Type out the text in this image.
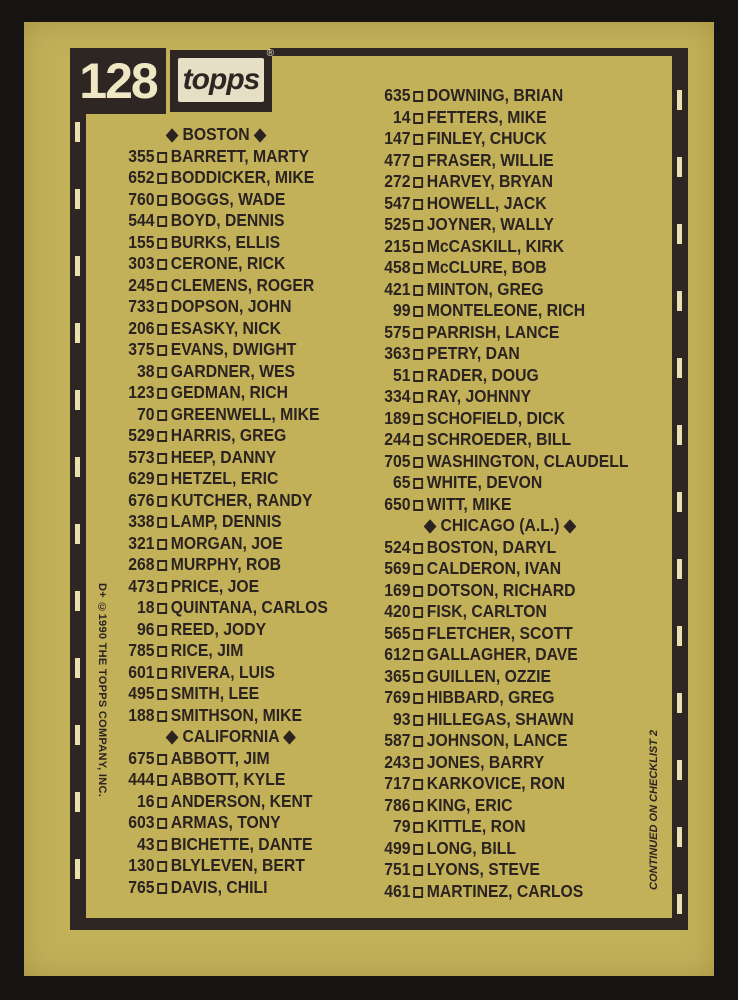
128 topps
®
◆ BOSTON ◆
355 BARRETT, MARTY
652 BODDICKER, MIKE
760 BOGGS, WADE
544 BOYD, DENNIS
155 BURKS, ELLIS
303 CERONE, RICK
245 CLEMENS, ROGER
733 DOPSON, JOHN
206 ESASKY, NICK
375 EVANS, DWIGHT
38 GARDNER, WES
123 GEDMAN, RICH
70 GREENWELL, MIKE
529 HARRIS, GREG
573 HEEP, DANNY
629 HETZEL, ERIC
676 KUTCHER, RANDY
338 LAMP, DENNIS
321 MORGAN, JOE
268 MURPHY, ROB
473 PRICE, JOE
18 QUINTANA, CARLOS
96 REED, JODY
785 RICE, JIM
601 RIVERA, LUIS
495 SMITH, LEE
188 SMITHSON, MIKE
◆ CALIFORNIA ◆
675 ABBOTT, JIM
444 ABBOTT, KYLE
16 ANDERSON, KENT
603 ARMAS, TONY
43 BICHETTE, DANTE
130 BLYLEVEN, BERT
765 DAVIS, CHILI
635 DOWNING, BRIAN
14 FETTERS, MIKE
147 FINLEY, CHUCK
477 FRASER, WILLIE
272 HARVEY, BRYAN
547 HOWELL, JACK
525 JOYNER, WALLY
215 McCASKILL, KIRK
458 McCLURE, BOB
421 MINTON, GREG
99 MONTELEONE, RICH
575 PARRISH, LANCE
363 PETRY, DAN
51 RADER, DOUG
334 RAY, JOHNNY
189 SCHOFIELD, DICK
244 SCHROEDER, BILL
705 WASHINGTON, CLAUDELL
65 WHITE, DEVON
650 WITT, MIKE
◆ CHICAGO (A.L.) ◆
524 BOSTON, DARYL
569 CALDERON, IVAN
169 DOTSON, RICHARD
420 FISK, CARLTON
565 FLETCHER, SCOTT
612 GALLAGHER, DAVE
365 GUILLEN, OZZIE
769 HIBBARD, GREG
93 HILLEGAS, SHAWN
587 JOHNSON, LANCE
243 JONES, BARRY
717 KARKOVICE, RON
786 KING, ERIC
79 KITTLE, RON
499 LONG, BILL
751 LYONS, STEVE
461 MARTINEZ, CARLOS
D+ ©1990 THE TOPPS COMPANY, INC.
CONTINUED ON CHECKLIST 2
